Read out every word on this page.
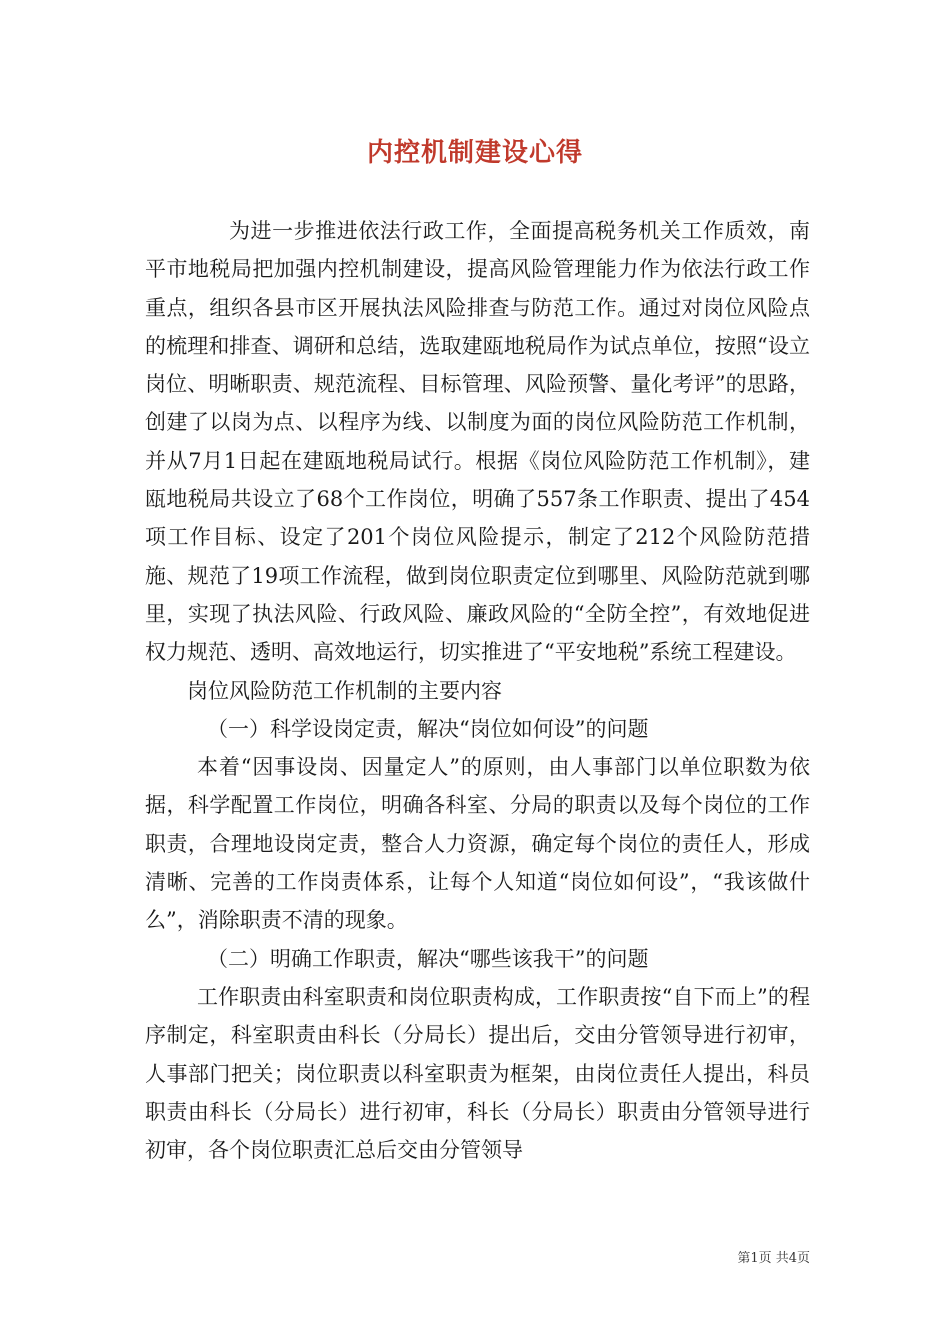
内控机制建设心得

为进一步推进依法行政工作，全面提高税务机关工作质效，南平市地税局把加强内控机制建设，提高风险管理能力作为依法行政工作重点，组织各县市区开展执法风险排查与防范工作。通过对岗位风险点的梳理和排查、调研和总结，选取建瓯地税局作为试点单位，按照“设立岗位、明晰职责、规范流程、目标管理、风险预警、量化考评”的思路，创建了以岗为点、以程序为线、以制度为面的岗位风险防范工作机制，并从7月1日起在建瓯地税局试行。根据《岗位风险防范工作机制》，建瓯地税局共设立了68个工作岗位，明确了557条工作职责、提出了454项工作目标、设定了201个岗位风险提示，制定了212个风险防范措施、规范了19项工作流程，做到岗位职责定位到哪里、风险防范就到哪里，实现了执法风险、行政风险、廉政风险的“全防全控”，有效地促进权力规范、透明、高效地运行，切实推进了“平安地税”系统工程建设。

岗位风险防范工作机制的主要内容

（一）科学设岗定责，解决“岗位如何设”的问题

本着“因事设岗、因量定人”的原则，由人事部门以单位职数为依据，科学配置工作岗位，明确各科室、分局的职责以及每个岗位的工作职责，合理地设岗定责，整合人力资源，确定每个岗位的责任人，形成清晰、完善的工作岗责体系，让每个人知道“岗位如何设”，“我该做什么”，消除职责不清的现象。

（二）明确工作职责，解决“哪些该我干”的问题

工作职责由科室职责和岗位职责构成，工作职责按“自下而上”的程序制定，科室职责由科长（分局长）提出后，交由分管领导进行初审，人事部门把关；岗位职责以科室职责为框架，由岗位责任人提出，科员职责由科长（分局长）进行初审，科长（分局长）职责由分管领导进行初审，各个岗位职责汇总后交由分管领导

第1页 共4页
